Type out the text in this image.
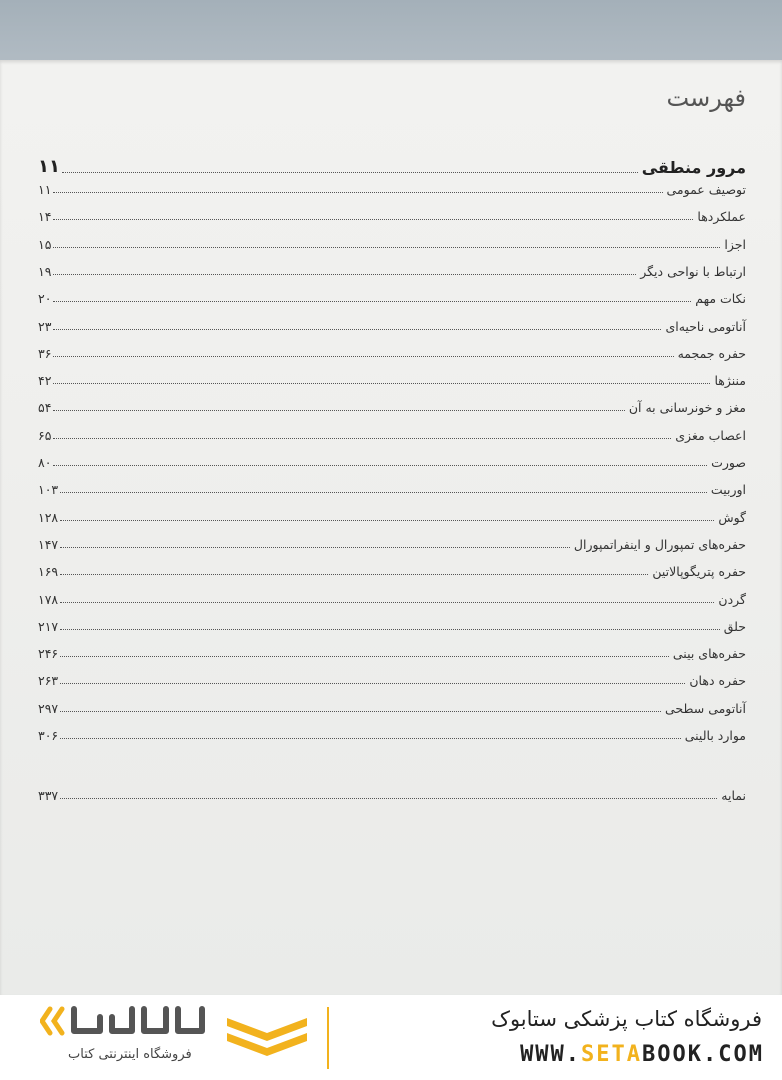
فهرست
مرور منطقی
۱۱
توصیف عمومی
۱۱
عملکردها
۱۴
اجزا
۱۵
ارتباط با نواحی دیگر
۱۹
نکات مهم
۲۰
آناتومی ناحیه‌ای
۲۳
حفره جمجمه
۳۶
مننژها
۴۲
مغز و خونرسانی به آن
۵۴
اعصاب مغزی
۶۵
صورت
۸۰
اوربیت
۱۰۳
گوش
۱۲۸
حفره‌های تمپورال و اینفراتمپورال
۱۴۷
حفره پتریگوپالاتین
۱۶۹
گردن
۱۷۸
حلق
۲۱۷
حفره‌های بینی
۲۴۶
حفره دهان
۲۶۳
آناتومی سطحی
۲۹۷
موارد بالینی
۳۰۶
نمایه
۳۳۷
فروشگاه اینترنتی کتاب
فروشگاه کتاب پزشکی ستابوک
WWW.SETABOOK.COM
